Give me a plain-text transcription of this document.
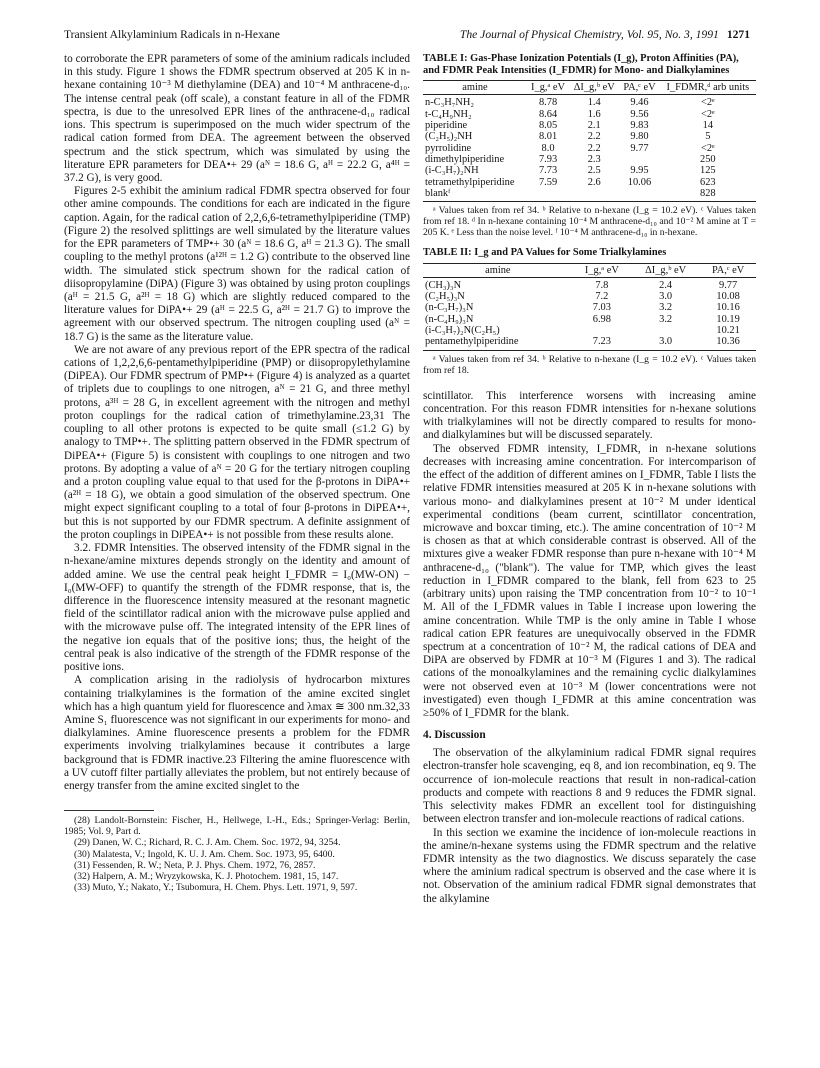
Transient Alkylaminium Radicals in n-Hexane	The Journal of Physical Chemistry, Vol. 95, No. 3, 1991 1271

to corroborate the EPR parameters of some of the aminium radicals included in this study. Figure 1 shows the FDMR spectrum observed at 205 K in n-hexane containing 10⁻³ M diethylamine (DEA) and 10⁻⁴ M anthracene-d₁₀. The intense central peak (off scale), a constant feature in all of the FDMR spectra, is due to the unresolved EPR lines of the anthracene-d₁₀ radical ions. This spectrum is superimposed on the much wider spectrum of the radical cation formed from DEA. The agreement between the observed spectrum and the stick spectrum, which was simulated by using the literature EPR parameters for DEA•+ 29 (aᴺ = 18.6 G, aᴴ = 22.2 G, a⁴ᴴ = 37.2 G), is very good.

Figures 2-5 exhibit the aminium radical FDMR spectra observed for four other amine compounds. The conditions for each are indicated in the figure caption. Again, for the radical cation of 2,2,6,6-tetramethylpiperidine (TMP) (Figure 2) the resolved splittings are well simulated by the literature values for the EPR parameters of TMP•+ 30 (aᴺ = 18.6 G, aᴴ = 21.3 G). The small coupling to the methyl protons (a¹²ᴴ = 1.2 G) contribute to the observed line width. The simulated stick spectrum shown for the radical cation of diisopropylamine (DiPA) (Figure 3) was obtained by using proton couplings (aᴴ = 21.5 G, a²ᴴ = 18 G) which are slightly reduced compared to the literature values for DiPA•+ 29 (aᴴ = 22.5 G, a²ᴴ = 21.7 G) to improve the agreement with our observed spectrum. The nitrogen coupling used (aᴺ = 18.7 G) is the same as the literature value.

We are not aware of any previous report of the EPR spectra of the radical cations of 1,2,2,6,6-pentamethylpiperidine (PMP) or diisopropylethylamine (DiPEA). Our FDMR spectrum of PMP•+ (Figure 4) is analyzed as a quartet of triplets due to couplings to one nitrogen, aᴺ = 21 G, and three methyl protons, a³ᴴ = 28 G, in excellent agreement with the nitrogen and methyl proton couplings for the radical cation of trimethylamine.23,31 The coupling to all other protons is expected to be quite small (≤1.2 G) by analogy to TMP•+. The splitting pattern observed in the FDMR spectrum of DiPEA•+ (Figure 5) is consistent with couplings to one nitrogen and two protons. By adopting a value of aᴺ = 20 G for the tertiary nitrogen coupling and a proton coupling value equal to that used for the β-protons in DiPA•+ (a²ᴴ = 18 G), we obtain a good simulation of the observed spectrum. One might expect significant coupling to a total of four β-protons in DiPEA•+, but this is not supported by our FDMR spectrum. A definite assignment of the proton couplings in DiPEA•+ is not possible from these results alone.

3.2. FDMR Intensities. The observed intensity of the FDMR signal in the n-hexane/amine mixtures depends strongly on the identity and amount of added amine. We use the central peak height I_FDMR = I₀(MW-ON) − I₀(MW-OFF) to quantify the strength of the FDMR response, that is, the difference in the fluorescence intensity measured at the resonant magnetic field of the scintillator radical anion with the microwave pulse applied and with the microwave pulse off. The integrated intensity of the EPR lines of the negative ion equals that of the positive ions; thus, the height of the central peak is also indicative of the strength of the FDMR response of the positive ions.

A complication arising in the radiolysis of hydrocarbon mixtures containing trialkylamines is the formation of the amine excited singlet which has a high quantum yield for fluorescence and λmax ≅ 300 nm.32,33 Amine S₁ fluorescence was not significant in our experiments for mono- and dialkylamines. Amine fluorescence presents a problem for the FDMR experiments involving trialkylamines because it contributes a large background that is FDMR inactive.23 Filtering the amine fluorescence with a UV cutoff filter partially alleviates the problem, but not entirely because of energy transfer from the amine excited singlet to the

(28) Landolt-Bornstein: Fischer, H., Hellwege, I.-H., Eds.; Springer-Verlag: Berlin, 1985; Vol. 9, Part d.
(29) Danen, W. C.; Richard, R. C. J. Am. Chem. Soc. 1972, 94, 3254.
(30) Malatesta, V.; Ingold, K. U. J. Am. Chem. Soc. 1973, 95, 6400.
(31) Fessenden, R. W.; Neta, P. J. Phys. Chem. 1972, 76, 2857.
(32) Halpern, A. M.; Wryzykowska, K. J. Photochem. 1981, 15, 147.
(33) Muto, Y.; Nakato, Y.; Tsubomura, H. Chem. Phys. Lett. 1971, 9, 597.

TABLE I: Gas-Phase Ionization Potentials (I_g), Proton Affinities (PA), and FDMR Peak Intensities (I_FDMR) for Mono- and Dialkylamines

amine	I_g,ᵃ eV	ΔI_g,ᵇ eV	PA,ᶜ eV	I_FDMR,ᵈ arb units
n-C₃H₇NH₂	8.78	1.4	9.46	<2ᵉ
t-C₄H₉NH₂	8.64	1.6	9.56	<2ᵉ
piperidine	8.05	2.1	9.83	14
(C₂H₅)₂NH	8.01	2.2	9.80	5
pyrrolidine	8.0	2.2	9.77	<2ᵉ
dimethylpiperidine	7.93	2.3		250
(i-C₃H₇)₂NH	7.73	2.5	9.95	125
tetramethylpiperidine	7.59	2.6	10.06	623
blankᶠ				828

ᵃ Values taken from ref 34. ᵇ Relative to n-hexane (I_g = 10.2 eV). ᶜ Values taken from ref 18. ᵈ In n-hexane containing 10⁻⁴ M anthracene-d₁₀ and 10⁻² M amine at T = 205 K. ᵉ Less than the noise level. ᶠ 10⁻⁴ M anthracene-d₁₀ in n-hexane.

TABLE II: I_g and PA Values for Some Trialkylamines

amine	I_g,ᵃ eV	ΔI_g,ᵇ eV	PA,ᶜ eV
(CH₃)₃N	7.8	2.4	9.77
(C₂H₅)₃N	7.2	3.0	10.08
(n-C₃H₇)₃N	7.03	3.2	10.16
(n-C₄H₉)₃N	6.98	3.2	10.19
(i-C₃H₇)₂N(C₂H₅)			10.21
pentamethylpiperidine	7.23	3.0	10.36

ᵃ Values taken from ref 34. ᵇ Relative to n-hexane (I_g = 10.2 eV). ᶜ Values taken from ref 18.

scintillator. This interference worsens with increasing amine concentration. For this reason FDMR intensities for n-hexane solutions with trialkylamines will not be directly compared to results for mono- and dialkylamines but will be discussed separately.

The observed FDMR intensity, I_FDMR, in n-hexane solutions decreases with increasing amine concentration. For intercomparison of the effect of the addition of different amines on I_FDMR, Table I lists the relative FDMR intensities measured at 205 K in n-hexane solutions with various mono- and dialkylamines present at 10⁻² M under identical experimental conditions (beam current, scintillator concentration, microwave and boxcar timing, etc.). The amine concentration of 10⁻² M is chosen as that at which considerable contrast is observed. All of the mixtures give a weaker FDMR response than pure n-hexane with 10⁻⁴ M anthracene-d₁₀ ("blank"). The value for TMP, which gives the least reduction in I_FDMR compared to the blank, fell from 623 to 25 (arbitrary units) upon raising the TMP concentration from 10⁻² to 10⁻¹ M. All of the I_FDMR values in Table I increase upon lowering the amine concentration. While TMP is the only amine in Table I whose radical cation EPR features are unequivocally observed in the FDMR spectrum at a concentration of 10⁻² M, the radical cations of DEA and DiPA are observed by FDMR at 10⁻³ M (Figures 1 and 3). The radical cations of the monoalkylamines and the remaining cyclic dialkylamines were not observed even at 10⁻³ M (lower concentrations were not investigated) even though I_FDMR at this amine concentration was ≥50% of I_FDMR for the blank.

4. Discussion

The observation of the alkylaminium radical FDMR signal requires electron-transfer hole scavenging, eq 8, and ion recombination, eq 9. The occurrence of ion-molecule reactions that result in non-radical-cation products and compete with reactions 8 and 9 reduces the FDMR signal. This selectivity makes FDMR an excellent tool for distinguishing between electron transfer and ion-molecule reactions of radical cations.

In this section we examine the incidence of ion-molecule reactions in the amine/n-hexane systems using the FDMR spectrum and the relative FDMR intensity as the two diagnostics. We discuss separately the case where the aminium radical spectrum is observed and the case where it is not. Observation of the aminium radical FDMR signal demonstrates that the alkylamine
